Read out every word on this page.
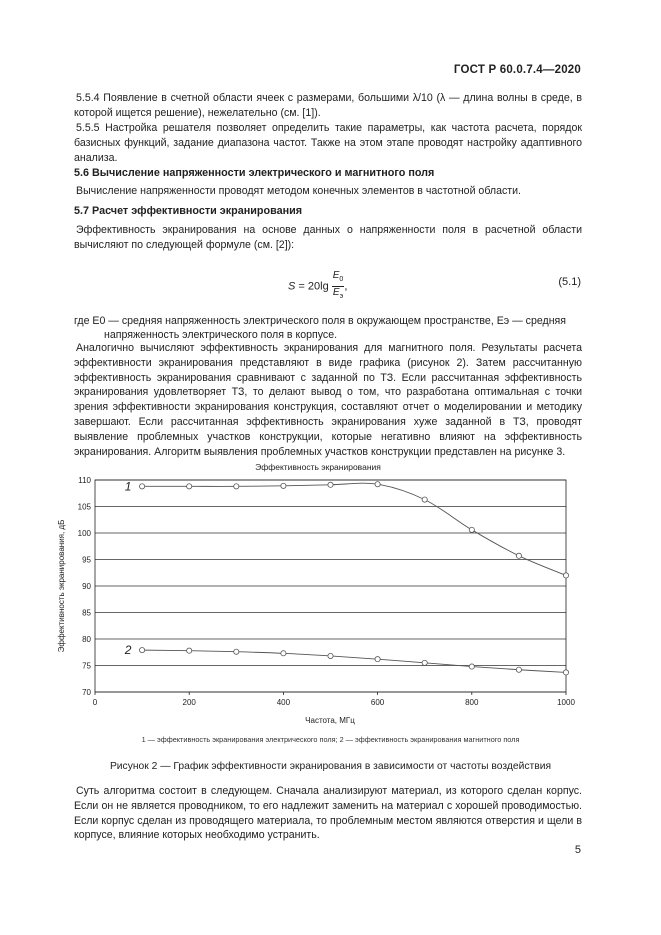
ГОСТ Р 60.0.7.4—2020
5.5.4 Появление в счетной области ячеек с размерами, большими λ/10 (λ — длина волны в среде, в которой ищется решение), нежелательно (см. [1]).
5.5.5 Настройка решателя позволяет определить такие параметры, как частота расчета, порядок базисных функций, задание диапазона частот. Также на этом этапе проводят настройку адаптивного анализа.
5.6 Вычисление напряженности электрического и магнитного поля
Вычисление напряженности проводят методом конечных элементов в частотной области.
5.7 Расчет эффективности экранирования
Эффективность экранирования на основе данных о напряженности поля в расчетной области вычисляют по следующей формуле (см. [2]):
$S = 20\lg \frac{E_0}{E_э}$ ,	(5.1)
где E0 — средняя напряженность электрического поля в окружающем пространстве, Eэ — средняя
напряженность электрического поля в корпусе.
Аналогично вычисляют эффективность экранирования для магнитного поля. Результаты расчета эффективности экранирования представляют в виде графика (рисунок 2). Затем рассчитанную эффективность экранирования сравнивают с заданной по ТЗ. Если рассчитанная эффективность экранирования удовлетворяет ТЗ, то делают вывод о том, что разработана оптимальная с точки зрения эффективности экранирования конструкция, составляют отчет о моделировании и методику завершают. Если рассчитанная эффективность экранирования хуже заданной в ТЗ, проводят выявление проблемных участков конструкции, которые негативно влияют на эффективность экранирования. Алгоритм выявления проблемных участков конструкции представлен на рисунке 3.
Эффективность экранирования
70
75
80
85
90
95
100
105
110
0	200	400	600	800	1000
1
2
Частота, МГц
Эффективность экранирования, дБ
1 — эффективность экранирования электрического поля; 2 — эффективность экранирования магнитного поля
Рисунок 2 — График эффективности экранирования в зависимости от частоты воздействия
Суть алгоритма состоит в следующем. Сначала анализируют материал, из которого сделан корпус. Если он не является проводником, то его надлежит заменить на материал с хорошей проводимостью. Если корпус сделан из проводящего материала, то проблемным местом являются отверстия и щели в корпусе, влияние которых необходимо устранить.
5
